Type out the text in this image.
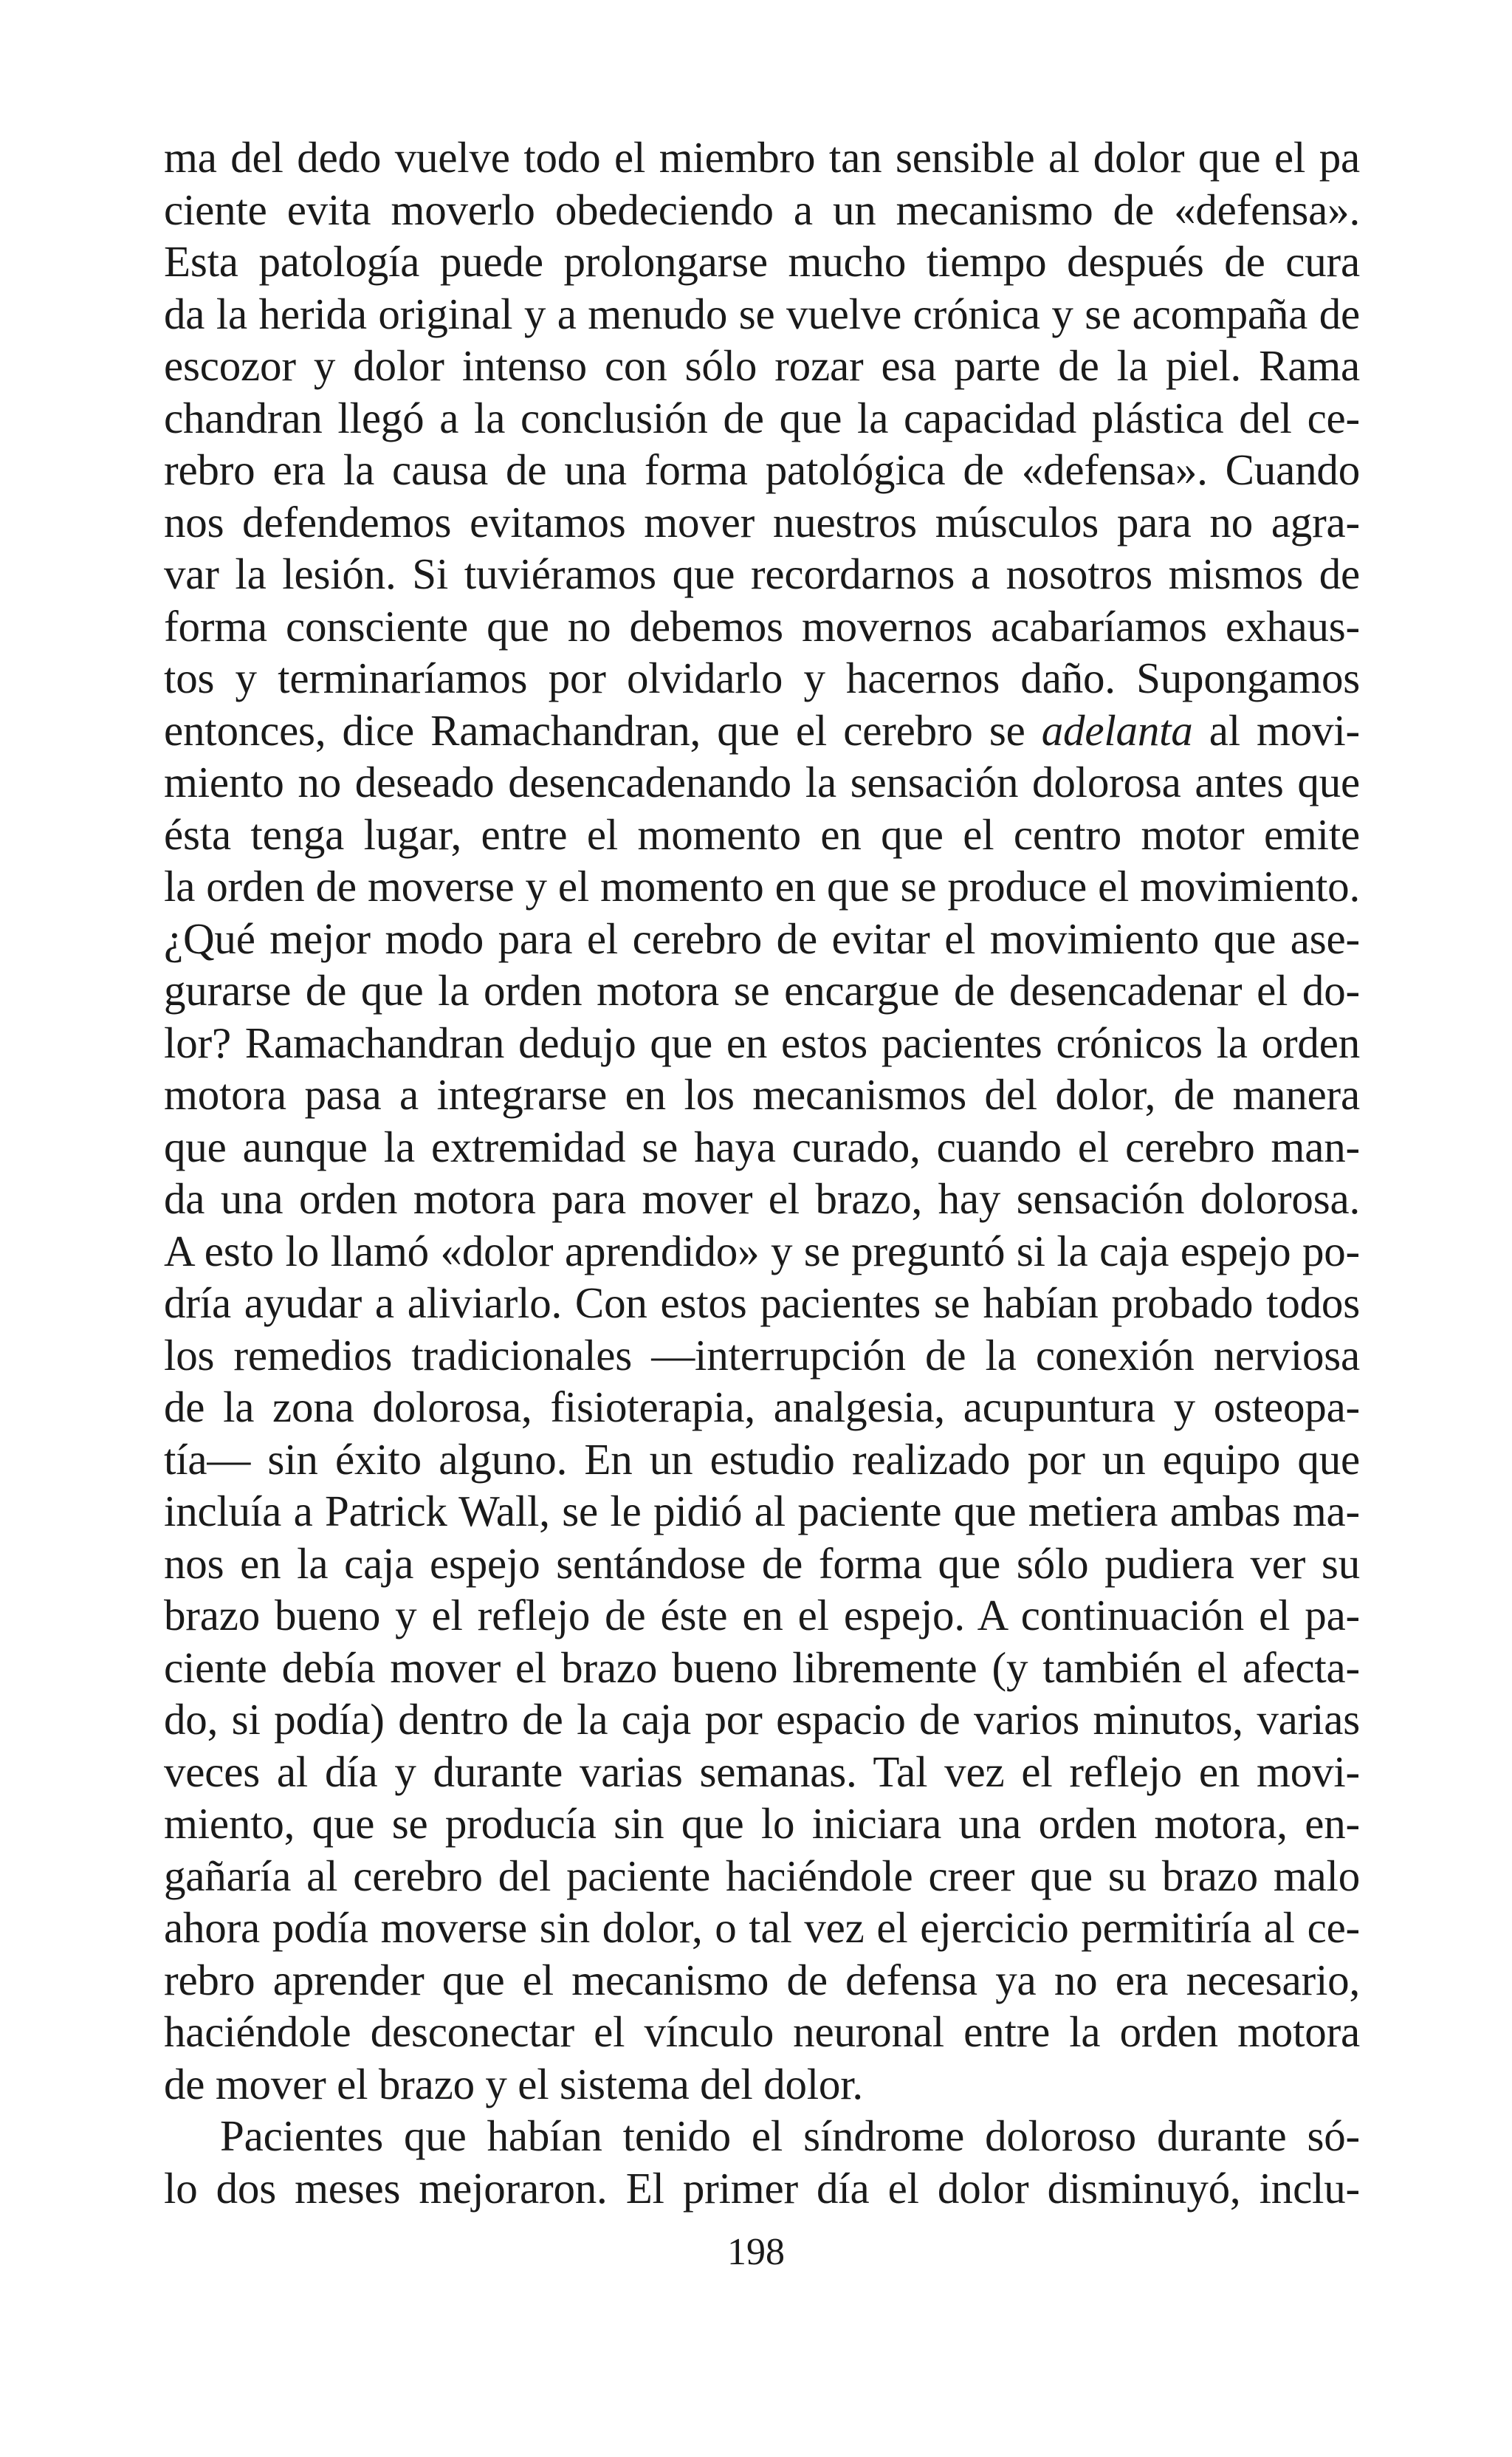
ma del dedo vuelve todo el miembro tan sensible al dolor que el pa
ciente evita moverlo obedeciendo a un mecanismo de «defensa».
Esta patología puede prolongarse mucho tiempo después de cura
da la herida original y a menudo se vuelve crónica y se acompaña de
escozor y dolor intenso con sólo rozar esa parte de la piel. Rama
chandran llegó a la conclusión de que la capacidad plástica del ce-
rebro era la causa de una forma patológica de «defensa». Cuando
nos defendemos evitamos mover nuestros músculos para no agra-
var la lesión. Si tuviéramos que recordarnos a nosotros mismos de
forma consciente que no debemos movernos acabaríamos exhaus-
tos y terminaríamos por olvidarlo y hacernos daño. Supongamos
entonces, dice Ramachandran, que el cerebro se adelanta al movi-
miento no deseado desencadenando la sensación dolorosa antes que
ésta tenga lugar, entre el momento en que el centro motor emite
la orden de moverse y el momento en que se produce el movimiento.
¿Qué mejor modo para el cerebro de evitar el movimiento que ase-
gurarse de que la orden motora se encargue de desencadenar el do-
lor? Ramachandran dedujo que en estos pacientes crónicos la orden
motora pasa a integrarse en los mecanismos del dolor, de manera
que aunque la extremidad se haya curado, cuando el cerebro man-
da una orden motora para mover el brazo, hay sensación dolorosa.
A esto lo llamó «dolor aprendido» y se preguntó si la caja espejo po-
dría ayudar a aliviarlo. Con estos pacientes se habían probado todos
los remedios tradicionales —interrupción de la conexión nerviosa
de la zona dolorosa, fisioterapia, analgesia, acupuntura y osteopa-
tía— sin éxito alguno. En un estudio realizado por un equipo que
incluía a Patrick Wall, se le pidió al paciente que metiera ambas ma-
nos en la caja espejo sentándose de forma que sólo pudiera ver su
brazo bueno y el reflejo de éste en el espejo. A continuación el pa-
ciente debía mover el brazo bueno libremente (y también el afecta-
do, si podía) dentro de la caja por espacio de varios minutos, varias
veces al día y durante varias semanas. Tal vez el reflejo en movi-
miento, que se producía sin que lo iniciara una orden motora, en-
gañaría al cerebro del paciente haciéndole creer que su brazo malo
ahora podía moverse sin dolor, o tal vez el ejercicio permitiría al ce-
rebro aprender que el mecanismo de defensa ya no era necesario,
haciéndole desconectar el vínculo neuronal entre la orden motora
de mover el brazo y el sistema del dolor.
Pacientes que habían tenido el síndrome doloroso durante só-
lo dos meses mejoraron. El primer día el dolor disminuyó, inclu-
198
